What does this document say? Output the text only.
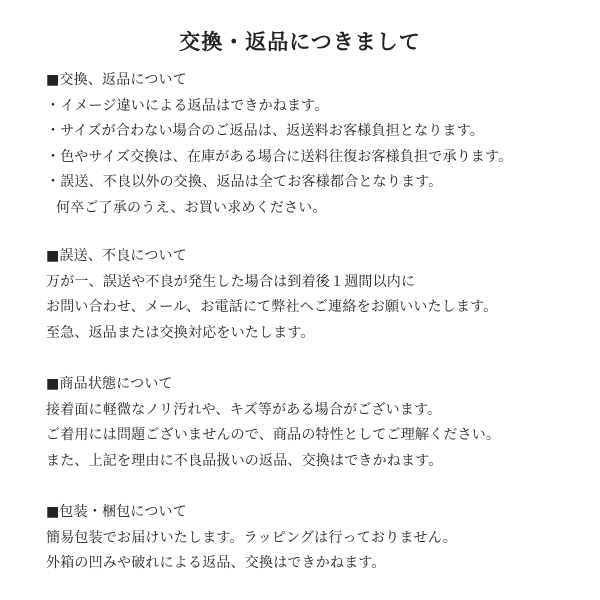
交換・返品につきまして
■交換、返品について
・イメージ違いによる返品はできかねます。
・サイズが合わない場合のご返品は、返送料お客様負担となります。
・色やサイズ交換は、在庫がある場合に送料往復お客様負担で承ります。
・誤送、不良以外の交換、返品は全てお客様都合となります。
何卒ご了承のうえ、お買い求めください。
■誤送、不良について
万が一、誤送や不良が発生した場合は到着後１週間以内に
お問い合わせ、メール、お電話にて弊社へご連絡をお願いいたします。
至急、返品または交換対応をいたします。
■商品状態について
接着面に軽微なノリ汚れや、キズ等がある場合がございます。
ご着用には問題ございませんので、商品の特性としてご理解ください。
また、上記を理由に不良品扱いの返品、交換はできかねます。
■包装・梱包について
簡易包装でお届けいたします。ラッピングは行っておりません。
外箱の凹みや破れによる返品、交換はできかねます。
